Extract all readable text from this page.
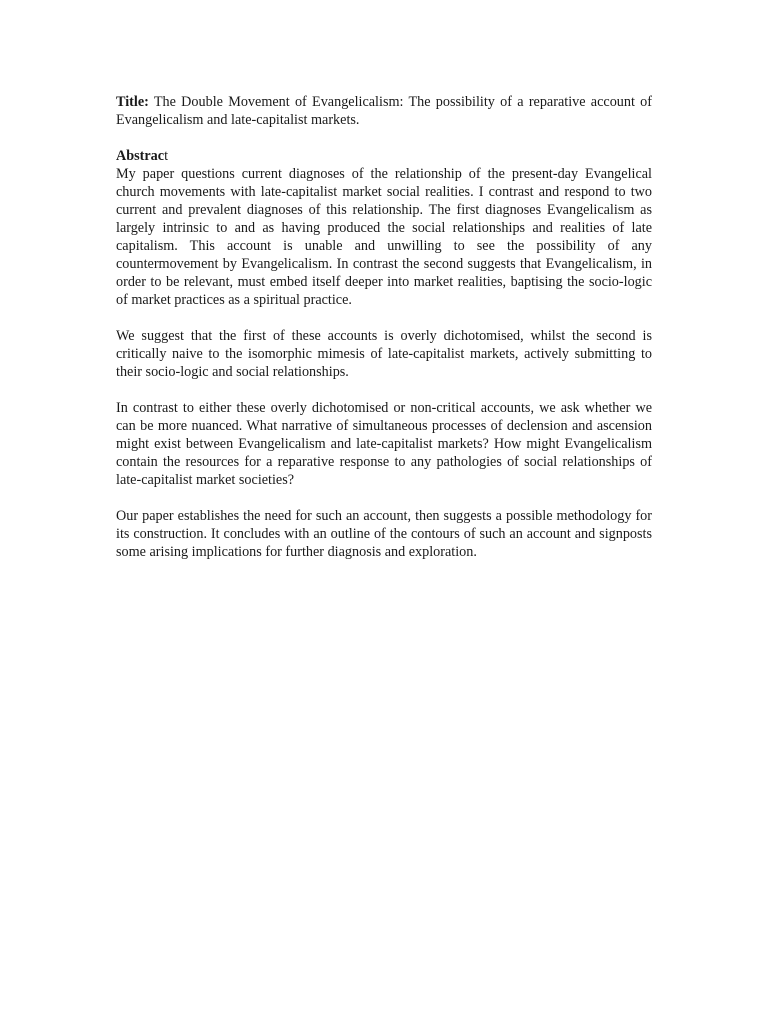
Title: The Double Movement of Evangelicalism: The possibility of a reparative account of Evangelicalism and late-capitalist markets.

Abstract

My paper questions current diagnoses of the relationship of the present-day Evangelical church movements with late-capitalist market social realities. I contrast and respond to two current and prevalent diagnoses of this relationship. The first diagnoses Evangelicalism as largely intrinsic to and as having produced the social relationships and realities of late capitalism. This account is unable and unwilling to see the possibility of any countermovement by Evangelicalism. In contrast the second suggests that Evangelicalism, in order to be relevant, must embed itself deeper into market realities, baptising the socio-logic of market practices as a spiritual practice.

We suggest that the first of these accounts is overly dichotomised, whilst the second is critically naive to the isomorphic mimesis of late-capitalist markets, actively submitting to their socio-logic and social relationships.

In contrast to either these overly dichotomised or non-critical accounts, we ask whether we can be more nuanced. What narrative of simultaneous processes of declension and ascension might exist between Evangelicalism and late-capitalist markets? How might Evangelicalism contain the resources for a reparative response to any pathologies of social relationships of late-capitalist market societies?

Our paper establishes the need for such an account, then suggests a possible methodology for its construction. It concludes with an outline of the contours of such an account and signposts some arising implications for further diagnosis and exploration.
